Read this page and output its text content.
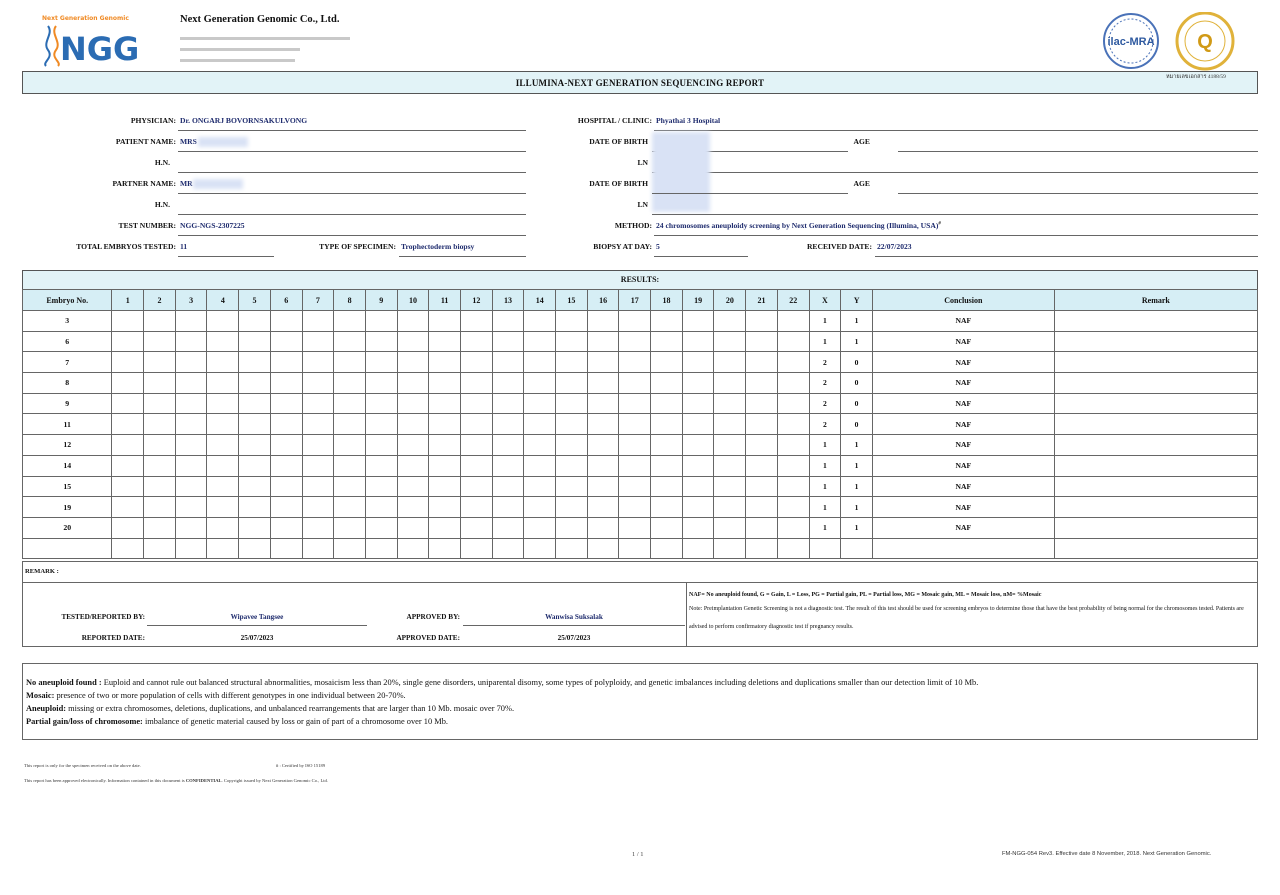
NGG
Next Generation Genomic	Next Generation Genomic Co., Ltd.
ilac-MRA Q
ILLUMINA-NEXT GENERATION SEQUENCING REPORT
หมายเลขเอกสาร 4188/59
PHYSICIAN: Dr. ONGARJ BOVORNSAKULVONG	HOSPITAL / CLINIC: Phyathai 3 Hospital
PATIENT NAME: MRS	DATE OF BIRTH	AGE
H.N.	LN
PARTNER NAME: MR	DATE OF BIRTH	AGE
H.N.	LN
TEST NUMBER: NGG-NGS-2307225	METHOD: 24 chromosomes aneuploidy screening by Next Generation Sequencing (Illumina, USA)#
TOTAL EMBRYOS TESTED: 11	TYPE OF SPECIMEN: Trophectoderm biopsy	BIOPSY AT DAY: 5	RECEIVED DATE: 22/07/2023
RESULTS:
Embryo No.	1	2	3	4	5	6	7	8	9	10	11	12	13	14	15	16	17	18	19	20	21	22	X	Y	Conclusion	Remark
3																							1	1	NAF	
6																							1	1	NAF	
7																							2	0	NAF	
8																							2	0	NAF	
9																							2	0	NAF	
11																							2	0	NAF	
12																							1	1	NAF	
14																							1	1	NAF	
15																							1	1	NAF	
19																							1	1	NAF	
20																							1	1	NAF	

REMARK :
TESTED/REPORTED BY:	Wipavee Tangsee	APPROVED BY:	Wanwisa Suksalak
REPORTED DATE:	25/07/2023	APPROVED DATE:	25/07/2023
NAF= No aneuploid found, G = Gain, L = Loss, PG = Partial gain, PL = Partial loss, MG = Mosaic gain, ML = Mosaic loss, nM= %Mosaic
Note: Preimplantation Genetic Screening is not a diagnostic test. The result of this test should be used for screening embryos to determine those that have the best probability of being normal for the chromosomes tested. Patients are advised to perform confirmatory diagnostic test if pregnancy results.
No aneuploid found : Euploid and cannot rule out balanced structural abnormalities, mosaicism less than 20%, single gene disorders, uniparental disomy, some types of polyploidy, and genetic imbalances including deletions and duplications smaller than our detection limit of 10 Mb.
Mosaic: presence of two or more population of cells with different genotypes in one individual between 20-70%.
Aneuploid: missing or extra chromosomes, deletions, duplications, and unbalanced rearrangements that are larger than 10 Mb. mosaic over 70%.
Partial gain/loss of chromosome: imbalance of genetic material caused by loss or gain of part of a chromosome over 10 Mb.
This report is only for the specimen received on the above date.	# : Certified by ISO 15189
This report has been approved electronically. Information contained in this document is CONFIDENTIAL. Copyright issued by Next Generation Genomic Co., Ltd.
1 / 1	FM-NGG-054 Rev3. Effective date 8 November, 2018. Next Generation Genomic.
